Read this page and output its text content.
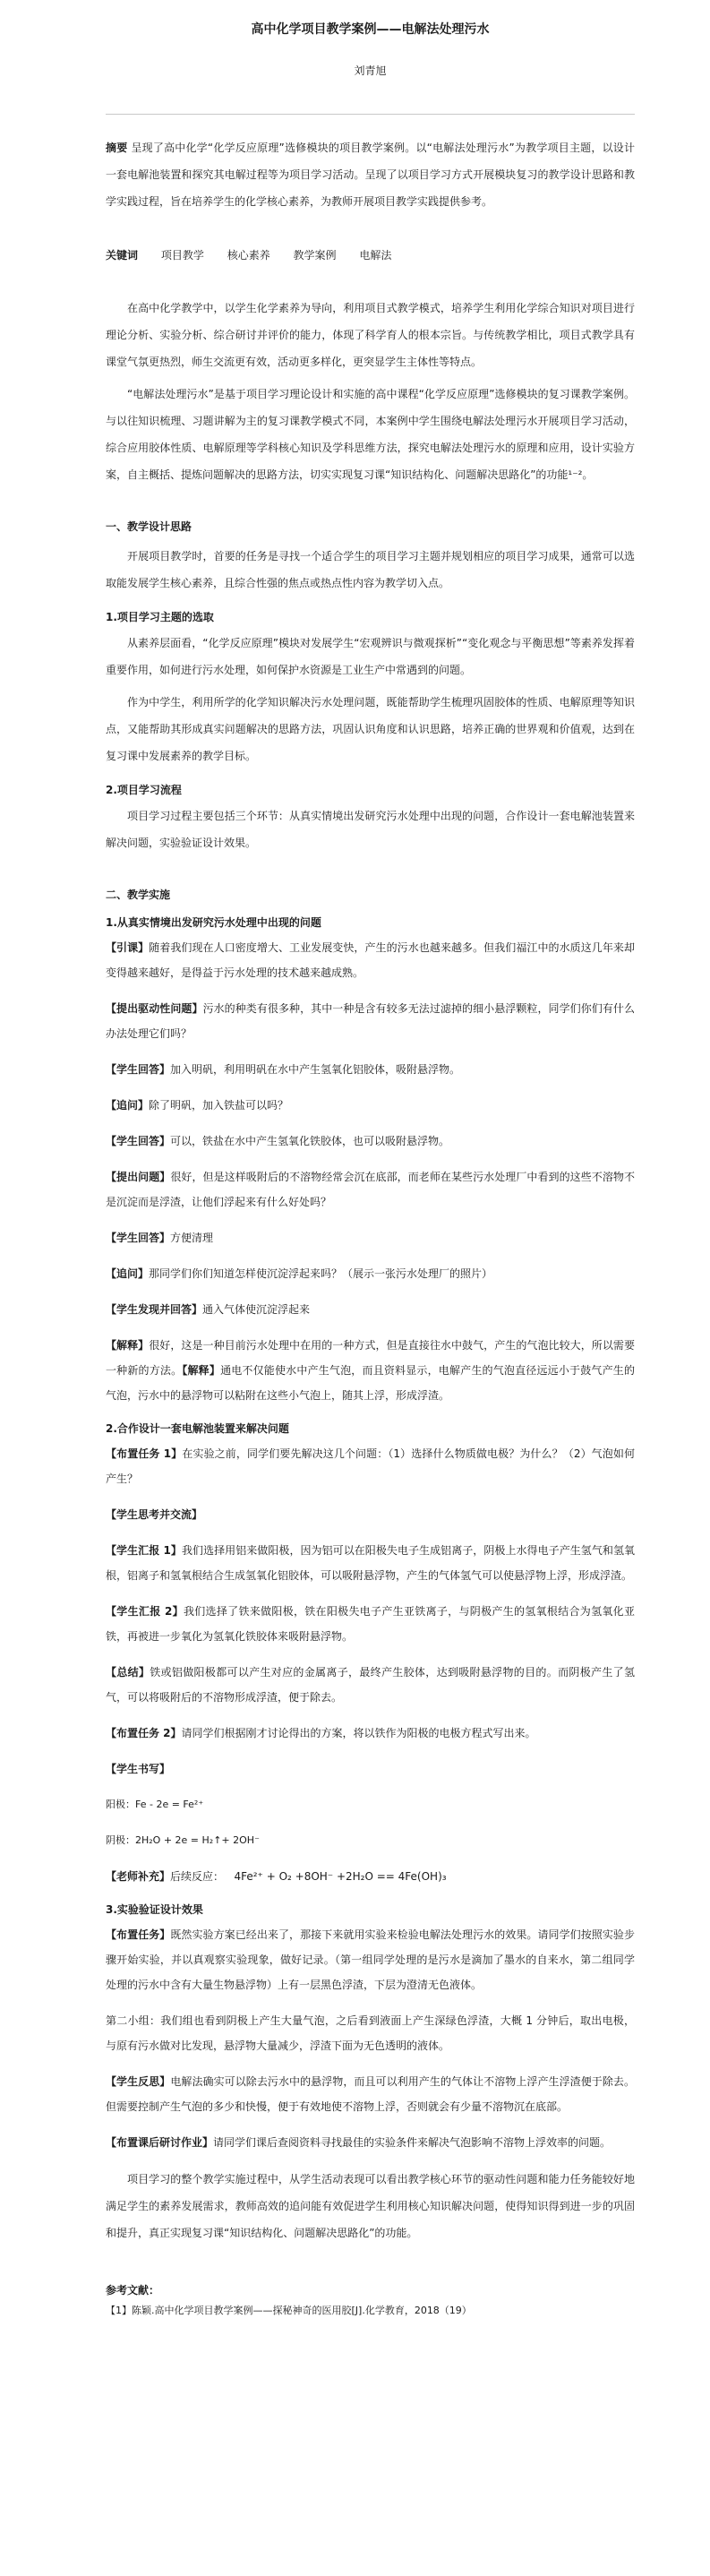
高中化学项目教学案例——电解法处理污水
刘青旭

摘要 呈现了高中化学“化学反应原理”选修模块的项目教学案例。以“电解法处理污水”为教学项目主题，以设计一套电解池装置和探究其电解过程等为项目学习活动。呈现了以项目学习方式开展模块复习的教学设计思路和教学实践过程，旨在培养学生的化学核心素养，为教师开展项目教学实践提供参考。

关键词 项目教学 核心素养 教学案例 电解法

在高中化学教学中，以学生化学素养为导向，利用项目式教学模式，培养学生利用化学综合知识对项目进行理论分析、实验分析、综合研讨并评价的能力，体现了科学育人的根本宗旨。与传统教学相比，项目式教学具有课堂气氛更热烈，师生交流更有效，活动更多样化，更突显学生主体性等特点。

“电解法处理污水”是基于项目学习理论设计和实施的高中课程“化学反应原理”选修模块的复习课教学案例。与以往知识梳理、习题讲解为主的复习课教学模式不同，本案例中学生围绕电解法处理污水开展项目学习活动，综合应用胶体性质、电解原理等学科核心知识及学科思维方法，探究电解法处理污水的原理和应用，设计实验方案，自主概括、提炼问题解决的思路方法，切实实现复习课“知识结构化、问题解决思路化”的功能¹⁻²。

一、教学设计思路

开展项目教学时，首要的任务是寻找一个适合学生的项目学习主题并规划相应的项目学习成果，通常可以选取能发展学生核心素养，且综合性强的焦点或热点性内容为教学切入点。

1.项目学习主题的选取

从素养层面看，“化学反应原理”模块对发展学生“宏观辨识与微观探析”“变化观念与平衡思想”等素养发挥着重要作用，如何进行污水处理，如何保护水资源是工业生产中常遇到的问题。

作为中学生，利用所学的化学知识解决污水处理问题，既能帮助学生梳理巩固胶体的性质、电解原理等知识点，又能帮助其形成真实问题解决的思路方法，巩固认识角度和认识思路，培养正确的世界观和价值观，达到在复习课中发展素养的教学目标。

2.项目学习流程

项目学习过程主要包括三个环节：从真实情境出发研究污水处理中出现的问题，合作设计一套电解池装置来解决问题，实验验证设计效果。

二、教学实施
1.从真实情境出发研究污水处理中出现的问题

【引课】随着我们现在人口密度增大、工业发展变快，产生的污水也越来越多。但我们福江中的水质这几年来却变得越来越好，是得益于污水处理的技术越来越成熟。

【提出驱动性问题】污水的种类有很多种，其中一种是含有较多无法过滤掉的细小悬浮颗粒，同学们你们有什么办法处理它们吗？

【学生回答】加入明矾，利用明矾在水中产生氢氧化铝胶体，吸附悬浮物。

【追问】除了明矾，加入铁盐可以吗？

【学生回答】可以，铁盐在水中产生氢氧化铁胶体，也可以吸附悬浮物。

【提出问题】很好，但是这样吸附后的不溶物经常会沉在底部，而老师在某些污水处理厂中看到的这些不溶物不是沉淀而是浮渣，让他们浮起来有什么好处吗？

【学生回答】方便清理

【追问】那同学们你们知道怎样使沉淀浮起来吗？（展示一张污水处理厂的照片）

【学生发现并回答】通入气体使沉淀浮起来

【解释】很好，这是一种目前污水处理中在用的一种方式，但是直接往水中鼓气，产生的气泡比较大，所以需要一种新的方法。【解释】通电不仅能使水中产生气泡，而且资料显示，电解产生的气泡直径远远小于鼓气产生的气泡，污水中的悬浮物可以粘附在这些小气泡上，随其上浮，形成浮渣。

2.合作设计一套电解池装置来解决问题

【布置任务 1】在实验之前，同学们要先解决这几个问题：（1）选择什么物质做电极？为什么？（2）气泡如何产生？

【学生思考并交流】

【学生汇报 1】我们选择用铝来做阳极，因为铝可以在阳极失电子生成铝离子，阴极上水得电子产生氢气和氢氧根，铝离子和氢氧根结合生成氢氧化铝胶体，可以吸附悬浮物，产生的气体氢气可以使悬浮物上浮，形成浮渣。

【学生汇报 2】我们选择了铁来做阳极，铁在阳极失电子产生亚铁离子，与阴极产生的氢氧根结合为氢氧化亚铁，再被进一步氧化为氢氧化铁胶体来吸附悬浮物。

【总结】铁或铝做阳极都可以产生对应的金属离子，最终产生胶体，达到吸附悬浮物的目的。而阴极产生了氢气，可以将吸附后的不溶物形成浮渣，便于除去。

【布置任务 2】请同学们根据刚才讨论得出的方案，将以铁作为阳极的电极方程式写出来。

【学生书写】

阳极：Fe - 2e = Fe²⁺

阴极：2H₂O + 2e = H₂↑+ 2OH⁻

【老师补充】后续反应： 4Fe²⁺ + O₂ +8OH⁻ +2H₂O == 4Fe(OH)₃

3.实验验证设计效果

【布置任务】既然实验方案已经出来了，那接下来就用实验来检验电解法处理污水的效果。请同学们按照实验步骤开始实验，并以真观察实验现象，做好记录。（第一组同学处理的是污水是滴加了墨水的自来水，第二组同学处理的污水中含有大量生物悬浮物）上有一层黑色浮渣，下层为澄清无色液体。

第二小组：我们组也看到阴极上产生大量气泡，之后看到液面上产生深绿色浮渣，大概 1 分钟后，取出电极，与原有污水做对比发现，悬浮物大量减少，浮渣下面为无色透明的液体。

【学生反思】电解法确实可以除去污水中的悬浮物，而且可以利用产生的气体让不溶物上浮产生浮渣便于除去。但需要控制产生气泡的多少和快慢，便于有效地使不溶物上浮，否则就会有少量不溶物沉在底部。

【布置课后研讨作业】请同学们课后查阅资料寻找最佳的实验条件来解决气泡影响不溶物上浮效率的问题。

项目学习的整个教学实施过程中，从学生活动表现可以看出教学核心环节的驱动性问题和能力任务能较好地满足学生的素养发展需求，教师高效的追问能有效促进学生利用核心知识解决问题，使得知识得到进一步的巩固和提升，真正实现复习课“知识结构化、问题解决思路化”的功能。

参考文献：

【1】陈颖.高中化学项目教学案例——探秘神奇的医用胶[J].化学教育，2018（19）
